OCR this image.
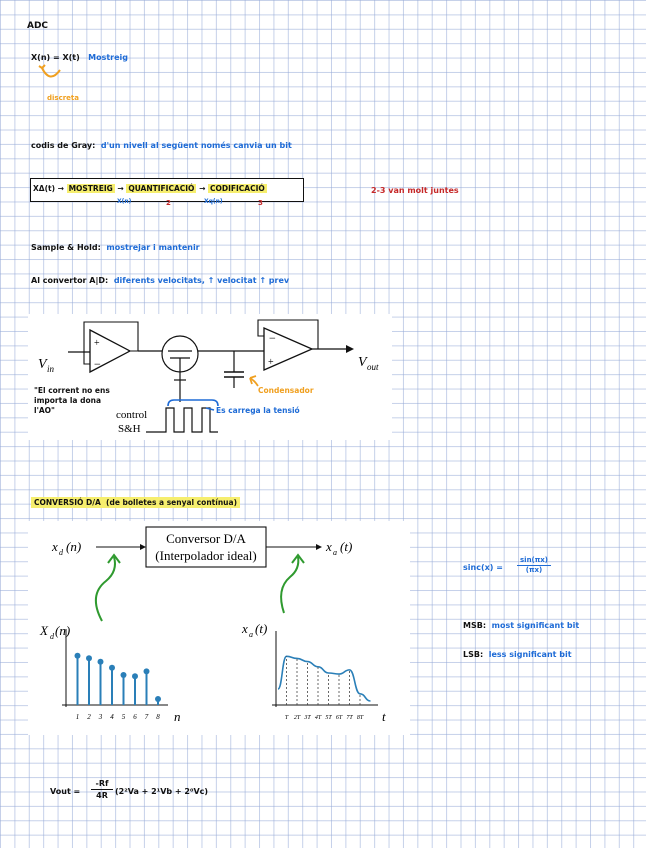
ADC
X(n) = X(t) Mostreig
discreta
codis de Gray: d'un nivell al següent només canvia un bit
XΔ(t) → MOSTREIG → QUANTIFICACIÓ → CODIFICACIÓ
X(n)	2	Xq(n)	3
2-3 van molt juntes
Sample & Hold: mostrejar i mantenir
Al convertor A|D: diferents velocitats, ↑ velocitat ↑ prev
V in
+
−
−
+	V out
control
S&H
Condensador
Es carrega la tensió
"El corrent no ens
importa la dona
l'AO"
CONVERSIÓ D/A (de bolletes a senyal contínua)
x d (n)
Conversor D/A
(Interpolador ideal)
x a (t)
X d (n)
1 2 3 4 5 6 7 8 n
x a (t)
T 2T 3T 4T 5T 6T 7T 8T t
$\sin c(x) = \frac{\sin(\pi x)}{(\pi x)}$
MSB: most significant bit
LSB: less significant bit
Vout = $\frac{-Rf}{4R} (2^2Va + 2^1Vb + 2^0Vc)$
